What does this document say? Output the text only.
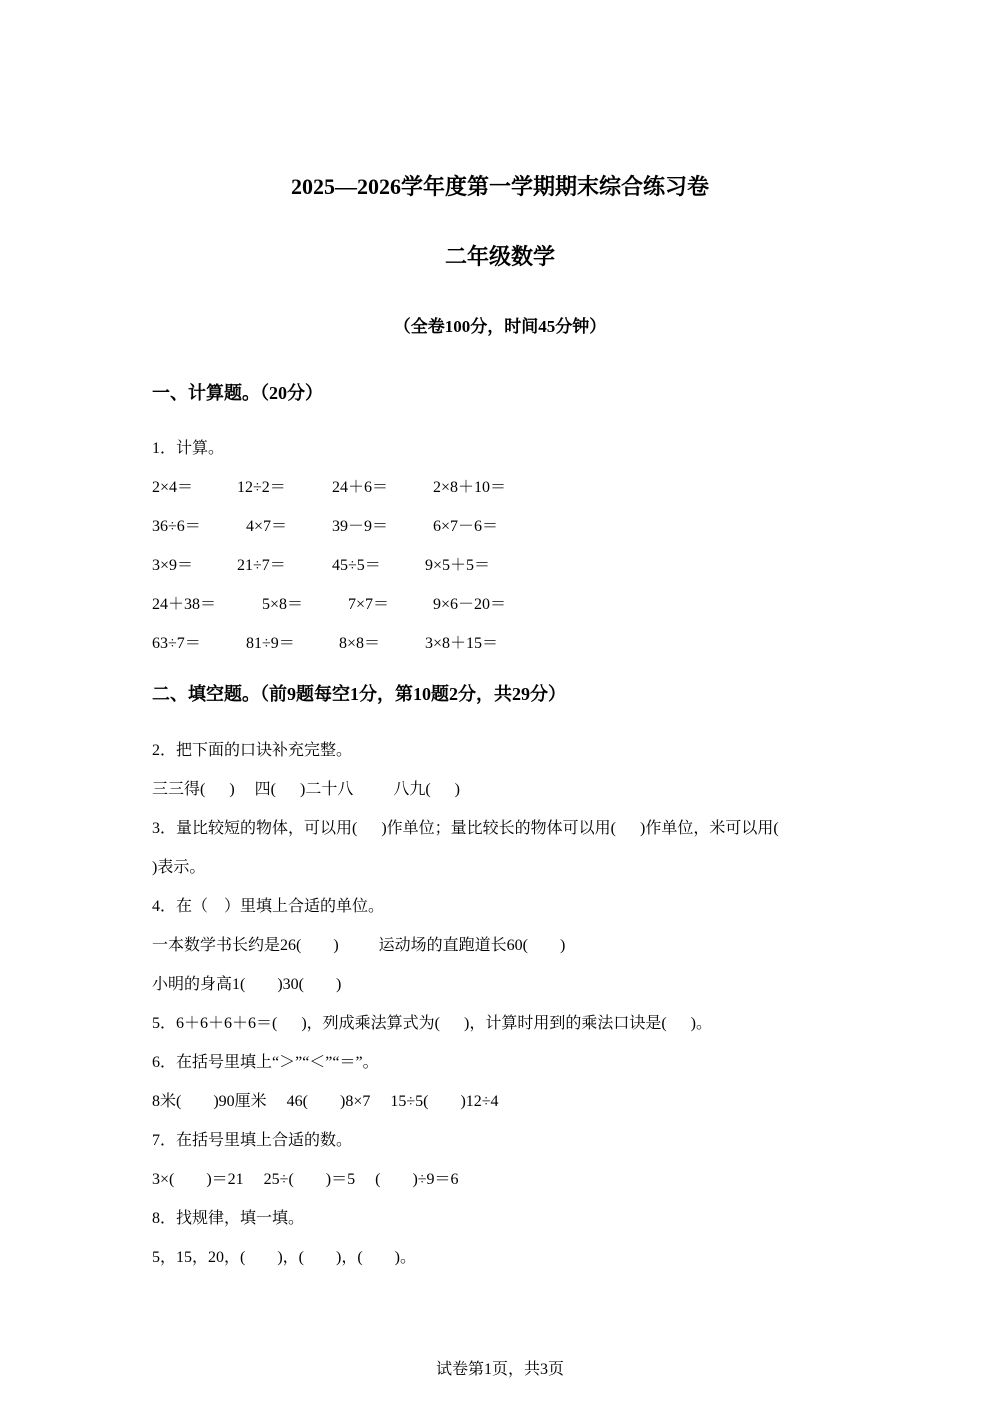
2025—2026学年度第一学期期末综合练习卷
二年级数学
（全卷100分，时间45分钟）
一、计算题。（20分）
1．计算。
2×4＝	12÷2＝	24＋6＝	2×8＋10＝
36÷6＝	4×7＝	39－9＝	6×7－6＝
3×9＝	21÷7＝	45÷5＝	9×5＋5＝
24＋38＝	5×8＝	7×7＝	9×6－20＝
63÷7＝	81÷9＝	8×8＝	3×8＋15＝
二、填空题。（前9题每空1分，第10题2分，共29分）
2．把下面的口诀补充完整。
三三得(      )     四(      )二十八          八九(      )
3．量比较短的物体，可以用(      )作单位；量比较长的物体可以用(      )作单位，米可以用(
)表示。
4．在（    ）里填上合适的单位。
一本数学书长约是26(        )          运动场的直跑道长60(        )
小明的身高1(        )30(        )
5．6＋6＋6＋6＝(      )，列成乘法算式为(      )，计算时用到的乘法口诀是(      )。
6．在括号里填上“＞”“＜”“＝”。
8米(        )90厘米     46(        )8×7     15÷5(        )12÷4
7．在括号里填上合适的数。
3×(        )＝21     25÷(        )＝5     (        )÷9＝6
8．找规律，填一填。
5，15，20，(        )，(        )，(        )。
试卷第1页，共3页
